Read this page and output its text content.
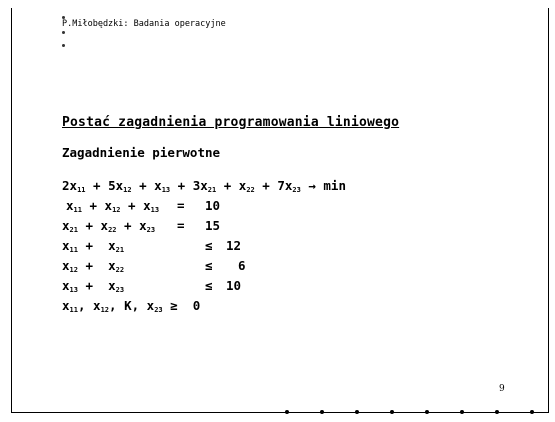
P.Miłobędzki: Badania operacyjne
Postać zagadnienia programowania liniowego
Zagadnienie pierwotne
$2x_{11} + 5x_{12} + x_{13} + 3x_{21} + x_{22} + 7x_{23} \to \min$
$x_{11} + x_{12} + x_{13}$
$x_{21} + x_{22} + x_{23}$
$x_{11} + x_{21}$
$x_{12} + x_{22}$
$x_{13} + x_{23}$
$x_{11}$, $x_{12}$, K, $x_{23} \ge 0$
9
= 10
= 15
≤ 12
≤ 6
≤ 10
